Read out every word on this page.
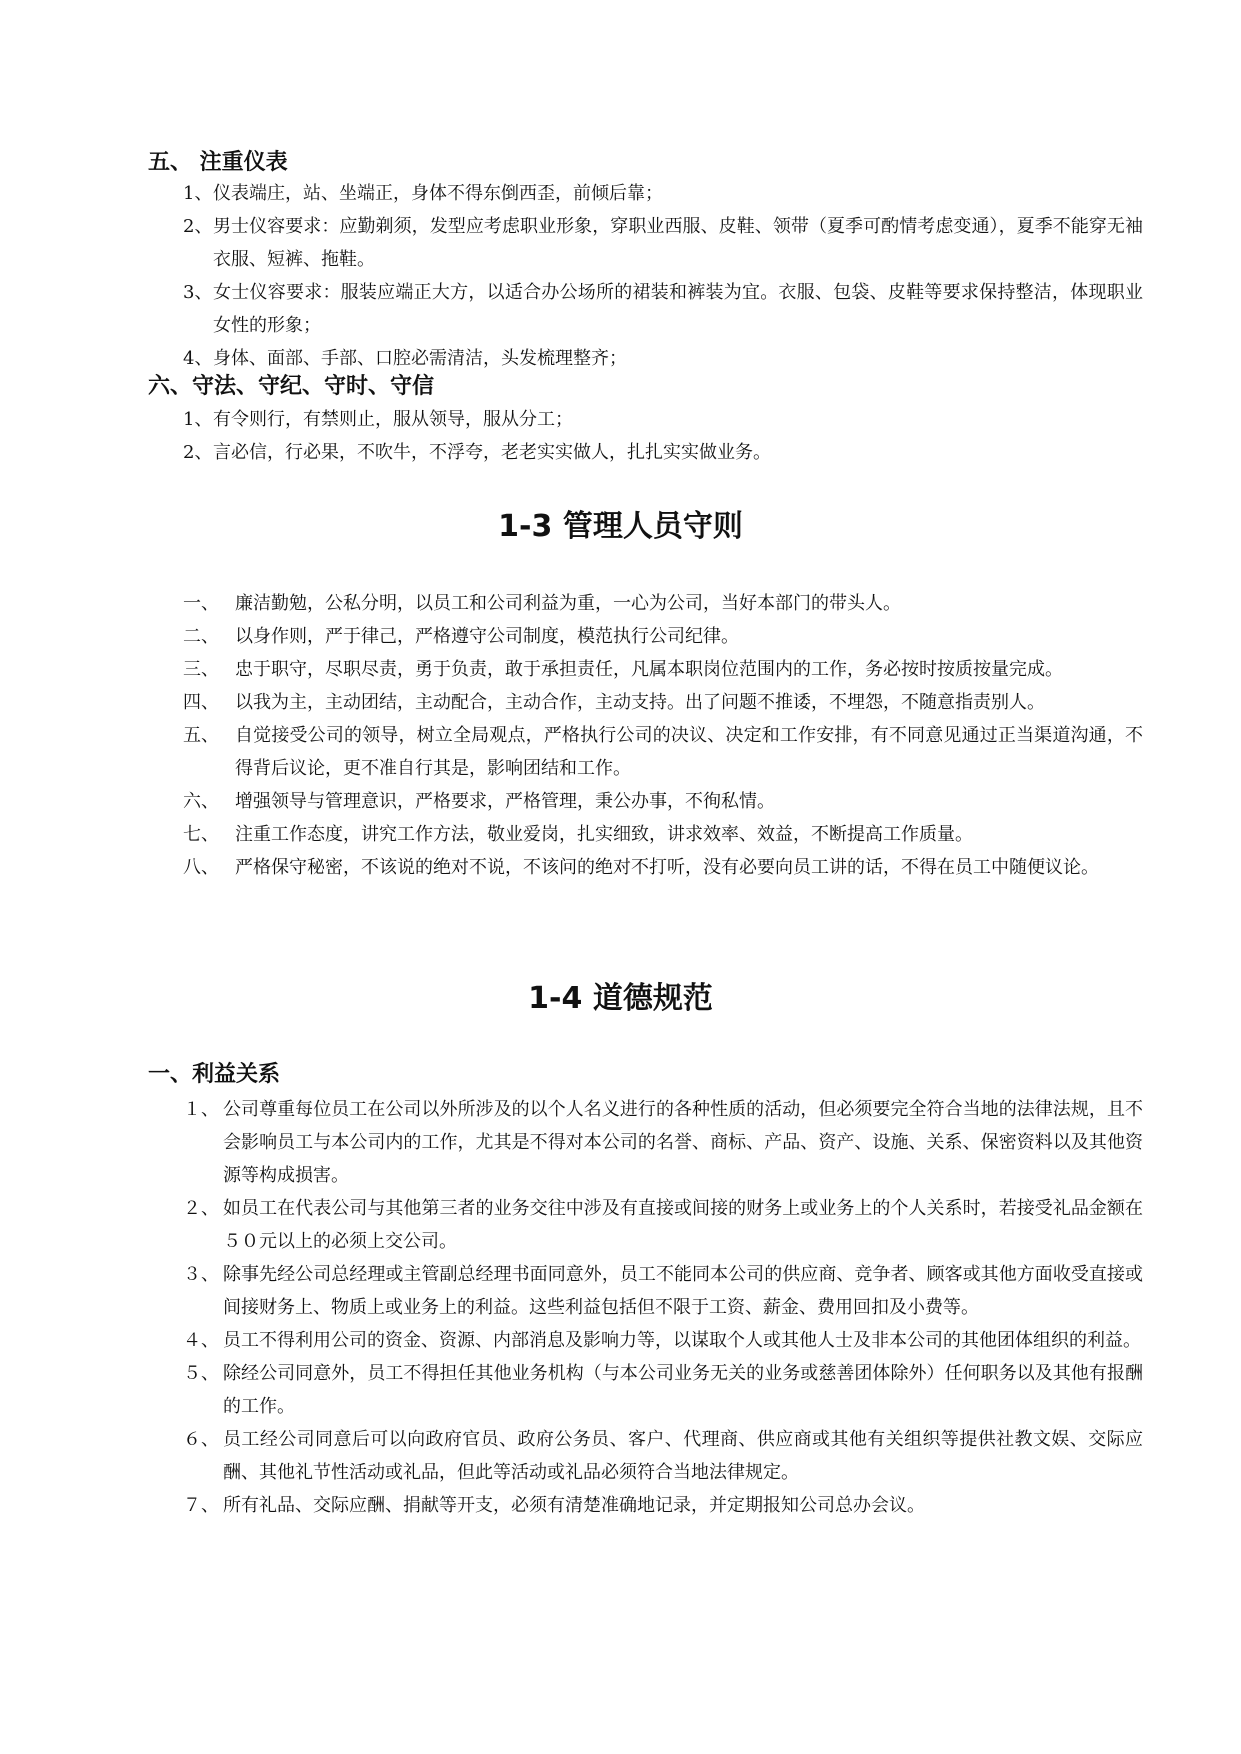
五、 注重仪表
1、 仪表端庄，站、坐端正，身体不得东倒西歪，前倾后靠；
2、 男士仪容要求：应勤剃须，发型应考虑职业形象，穿职业西服、皮鞋、领带（夏季可酌情考虑变通），夏季不能穿无袖衣服、短裤、拖鞋。
3、 女士仪容要求：服装应端正大方，以适合办公场所的裙装和裤装为宜。衣服、包袋、皮鞋等要求保持整洁，体现职业女性的形象；
4、 身体、面部、手部、口腔必需清洁，头发梳理整齐；
六、守法、守纪、守时、守信
1、 有令则行，有禁则止，服从领导，服从分工；
2、 言必信，行必果，不吹牛，不浮夸，老老实实做人，扎扎实实做业务。
1-3 管理人员守则
一、 廉洁勤勉，公私分明，以员工和公司利益为重，一心为公司，当好本部门的带头人。
二、 以身作则，严于律己，严格遵守公司制度，模范执行公司纪律。
三、 忠于职守，尽职尽责，勇于负责，敢于承担责任，凡属本职岗位范围内的工作，务必按时按质按量完成。
四、 以我为主，主动团结，主动配合，主动合作，主动支持。出了问题不推诿，不埋怨，不随意指责别人。
五、 自觉接受公司的领导，树立全局观点，严格执行公司的决议、决定和工作安排，有不同意见通过正当渠道沟通，不得背后议论，更不准自行其是，影响团结和工作。
六、 增强领导与管理意识，严格要求，严格管理，秉公办事，不徇私情。
七、 注重工作态度，讲究工作方法，敬业爱岗，扎实细致，讲求效率、效益，不断提高工作质量。
八、 严格保守秘密，不该说的绝对不说，不该问的绝对不打听，没有必要向员工讲的话，不得在员工中随便议论。
1-4 道德规范
一、利益关系
１、 公司尊重每位员工在公司以外所涉及的以个人名义进行的各种性质的活动，但必须要完全符合当地的法律法规，且不会影响员工与本公司内的工作，尤其是不得对本公司的名誉、商标、产品、资产、设施、关系、保密资料以及其他资源等构成损害。
２、 如员工在代表公司与其他第三者的业务交往中涉及有直接或间接的财务上或业务上的个人关系时，若接受礼品金额在５０元以上的必须上交公司。
３、 除事先经公司总经理或主管副总经理书面同意外，员工不能同本公司的供应商、竞争者、顾客或其他方面收受直接或间接财务上、物质上或业务上的利益。这些利益包括但不限于工资、薪金、费用回扣及小费等。
４、 员工不得利用公司的资金、资源、内部消息及影响力等，以谋取个人或其他人士及非本公司的其他团体组织的利益。
５、 除经公司同意外，员工不得担任其他业务机构（与本公司业务无关的业务或慈善团体除外）任何职务以及其他有报酬的工作。
６、 员工经公司同意后可以向政府官员、政府公务员、客户、代理商、供应商或其他有关组织等提供社教文娱、交际应酬、其他礼节性活动或礼品，但此等活动或礼品必须符合当地法律规定。
７、 所有礼品、交际应酬、捐献等开支，必须有清楚准确地记录，并定期报知公司总办会议。
